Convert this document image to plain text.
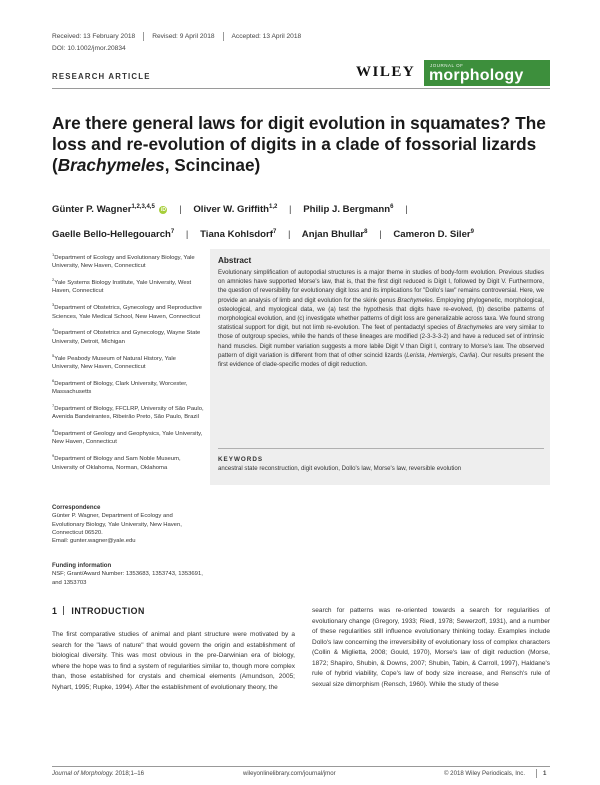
Received: 13 February 2018	Revised: 9 April 2018	Accepted: 13 April 2018
DOI: 10.1002/jmor.20834
RESEARCH ARTICLE	WILEY	JOURNAL OF
morphology
Are there general laws for digit evolution in squamates? The
loss and re-evolution of digits in a clade of fossorial lizards
(Brachymeles, Scincinae)
Günter P. Wagner$^{1,2,3,4,5}$ iD | Oliver W. Griffith$^{1,2}$ | Philip J. Bergmann$^6$ |
Gaelle Bello-Hellegouarch$^7$ | Tiana Kohlsdorf$^7$ | Anjan Bhullar$^8$ | Cameron D. Siler$^9$
$^1$Department of Ecology and Evolutionary Biology, Yale University, New Haven, Connecticut
$^2$Yale Systems Biology Institute, Yale University, West Haven, Connecticut
$^3$Department of Obstetrics, Gynecology and Reproductive Sciences, Yale Medical School, New Haven, Connecticut
$^4$Department of Obstetrics and Gynecology, Wayne State University, Detroit, Michigan
$^5$Yale Peabody Museum of Natural History, Yale University, New Haven, Connecticut
$^6$Department of Biology, Clark University, Worcester, Massachusetts
$^7$Department of Biology, FFCLRP, University of São Paulo, Avenida Bandeirantes, Ribeirão Preto, São Paulo, Brazil
$^8$Department of Geology and Geophysics, Yale University, New Haven, Connecticut
$^9$Department of Biology and Sam Noble Museum, University of Oklahoma, Norman, Oklahoma
Correspondence
Günter P. Wagner, Department of Ecology and Evolutionary Biology, Yale University, New Haven, Connecticut 06520.
Email: gunter.wagner@yale.edu
Funding information
NSF; Grant/Award Number: 1353683, 1353743, 1353691, and 1353703
Abstract
Evolutionary simplification of autopodial structures is a major theme in studies of body-form evolution. Previous studies on amniotes have supported Morse's law, that is, that the first digit reduced is Digit I, followed by Digit V. Furthermore, the question of reversibility for evolutionary digit loss and its implications for "Dollo's law" remains controversial. Here, we provide an analysis of limb and digit evolution for the skink genus Brachymeles. Employing phylogenetic, morphological, osteological, and myological data, we (a) test the hypothesis that digits have re-evolved, (b) describe patterns of morphological evolution, and (c) investigate whether patterns of digit loss are generalizable across taxa. We found strong statistical support for digit, but not limb re-evolution. The feet of pentadactyl species of Brachymeles are very similar to those of outgroup species, while the hands of these lineages are modified (2-3-3-3-2) and have a reduced set of intrinsic hand muscles. Digit number variation suggests a more labile Digit V than Digit I, contrary to Morse's law. The observed pattern of digit variation is different from that of other scincid lizards (Lerista, Hemiergis, Carlia). Our results present the first evidence of clade-specific modes of digit reduction.
KEYWORDS
ancestral state reconstruction, digit evolution, Dollo's law, Morse's law, reversible evolution
1 INTRODUCTION
The first comparative studies of animal and plant structure were motivated by a search for the "laws of nature" that would govern the origin and establishment of biological diversity. This was most obvious in the pre-Darwinian era of biology, where the hope was to find a system of regularities similar to, though more complex than, those established for crystals and chemical elements (Amundson, 2005; Nyhart, 1995; Rupke, 1994). After the establishment of evolutionary theory, the
search for patterns was re-oriented towards a search for regularities of evolutionary change (Gregory, 1933; Riedl, 1978; Sewerzoff, 1931), and a number of these regularities still influence evolutionary thinking today. Examples include Dollo's law concerning the irreversibility of evolutionary loss of complex characters (Collin & Miglietta, 2008; Gould, 1970), Morse's law of digit reduction (Morse, 1872; Shapiro, Shubin, & Downs, 2007; Shubin, Tabin, & Carroll, 1997), Haldane's rule of hybrid viability, Cope's law of body size increase, and Rensch's rule of sexual size dimorphism (Rensch, 1960). While the study of these
Journal of Morphology. 2018;1–16	wileyonlinelibrary.com/journal/jmor	© 2018 Wiley Periodicals, Inc.	1
